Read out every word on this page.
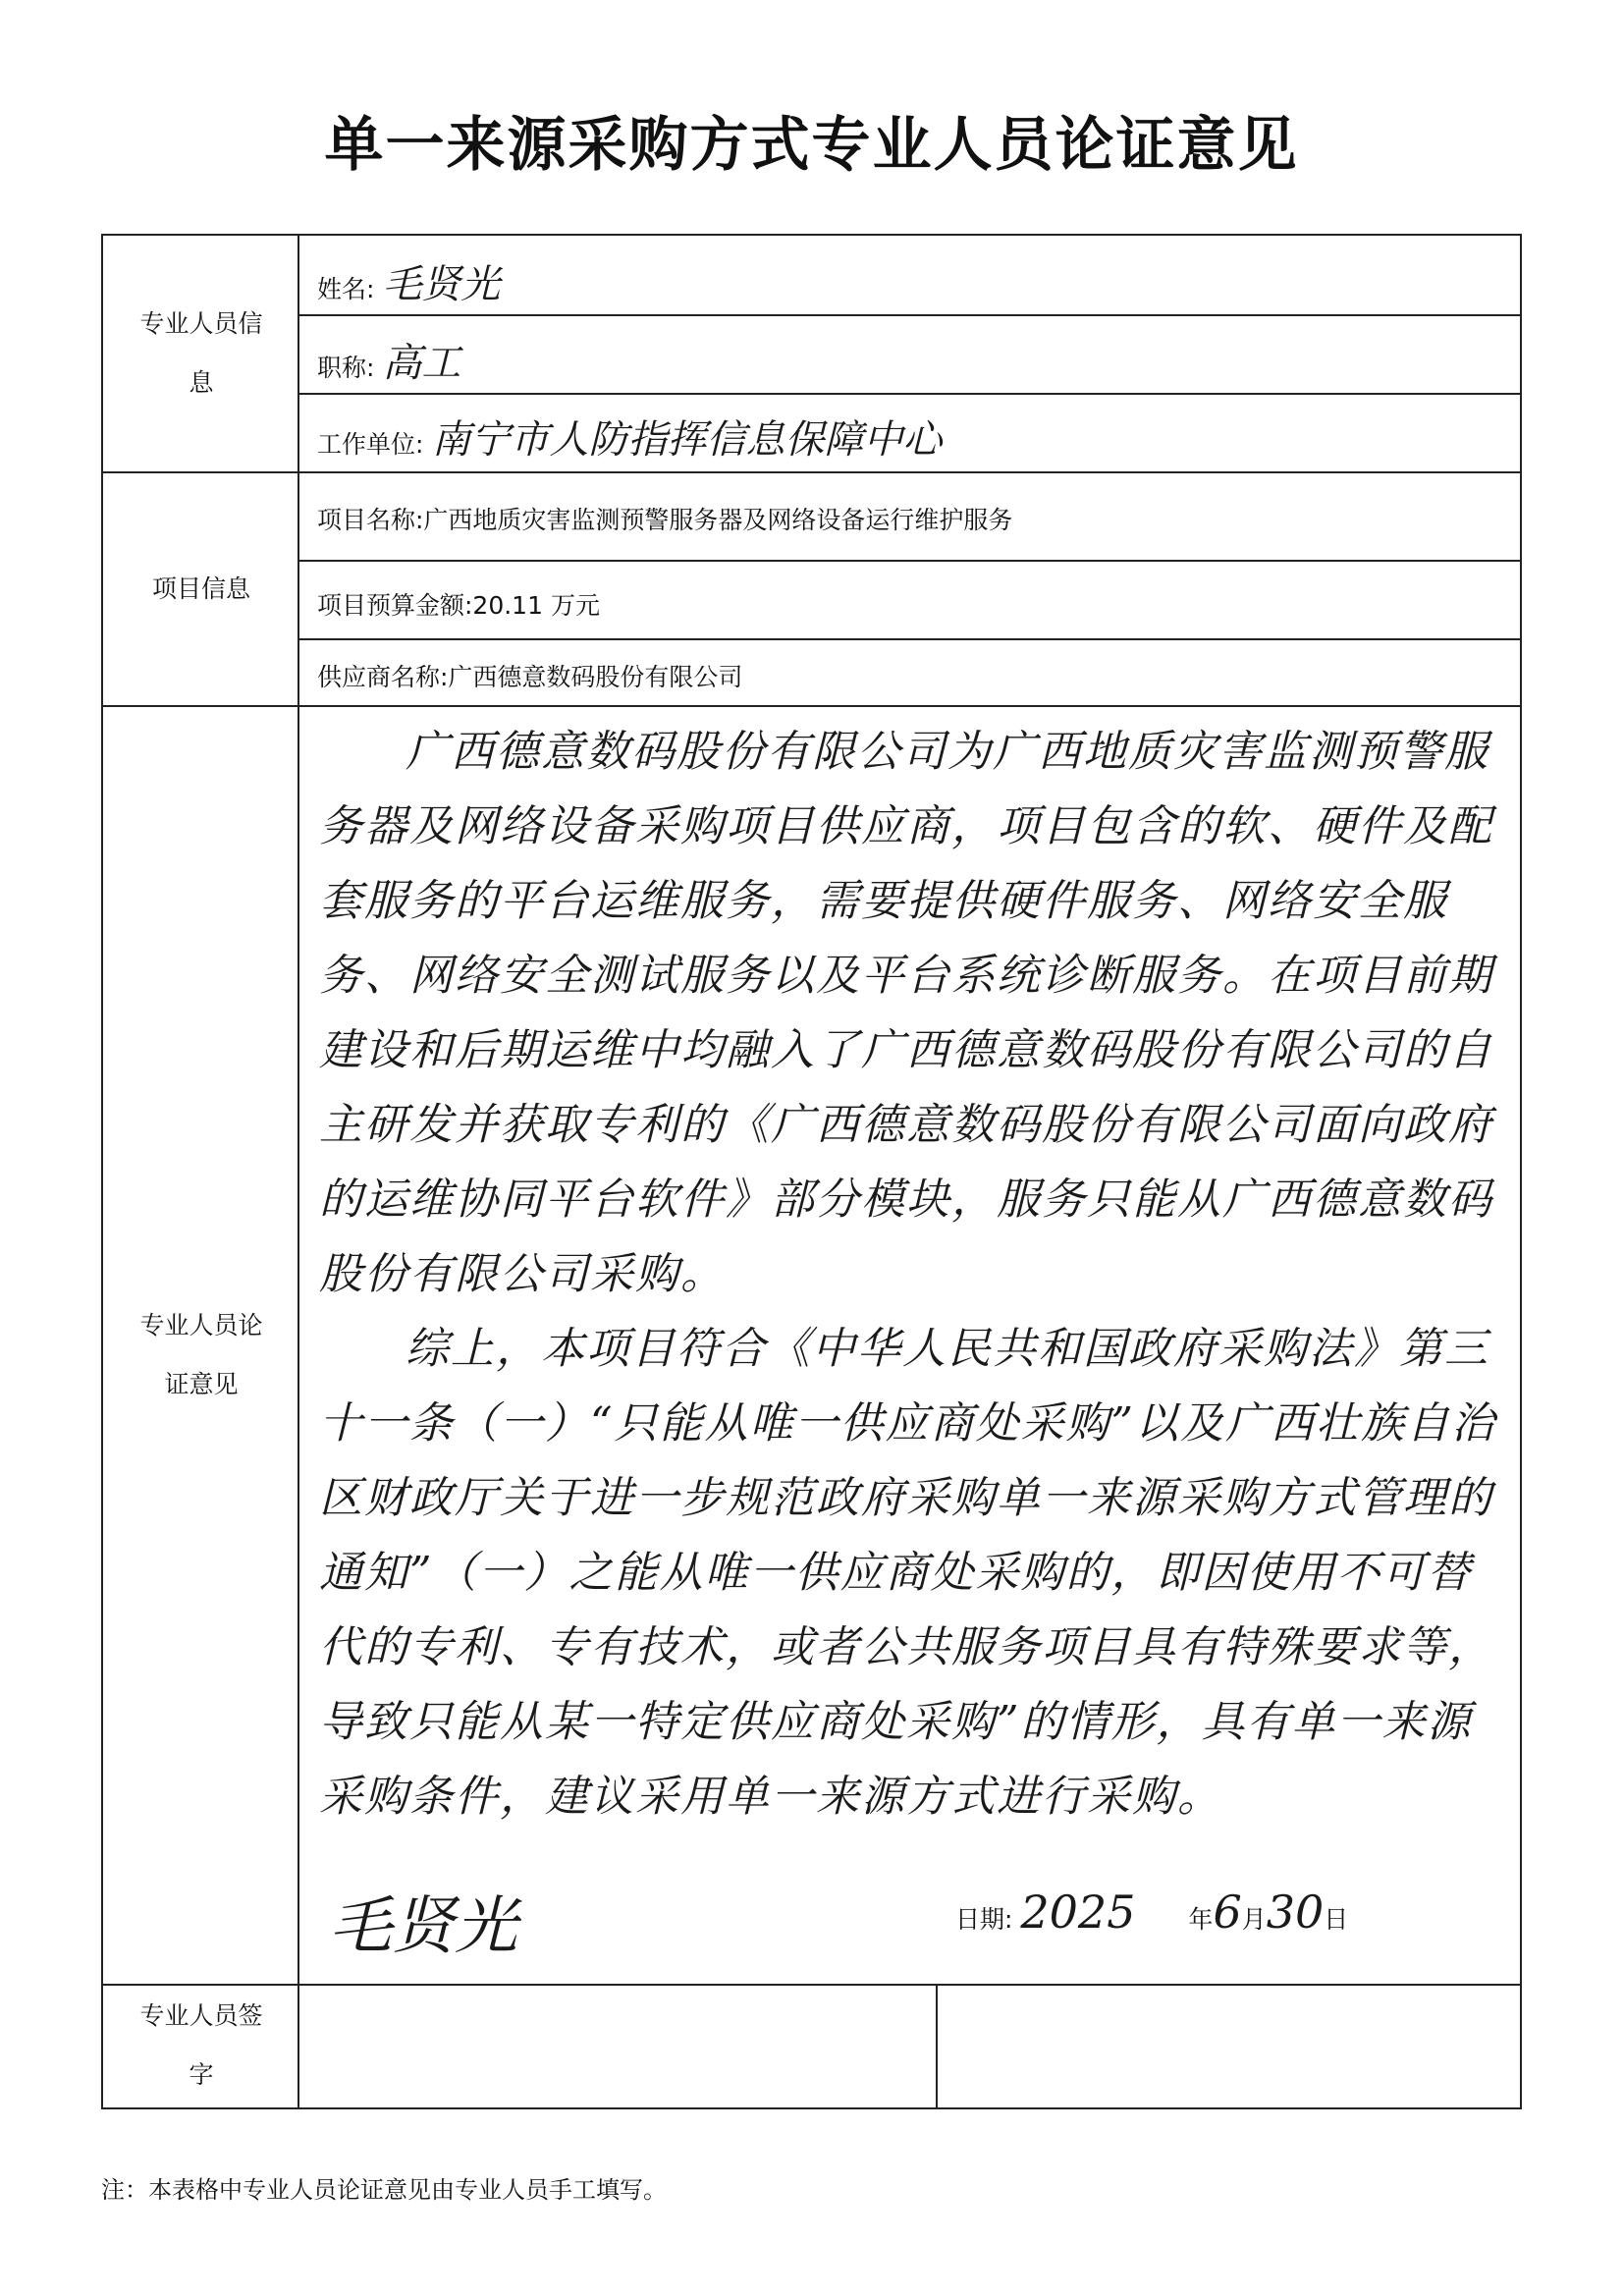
单一来源采购方式专业人员论证意见
专业人员信
息
姓名: 毛贤光
职称: 高工
工作单位: 南宁市人防指挥信息保障中心
项目信息
项目名称:广西地质灾害监测预警服务器及网络设备运行维护服务
项目预算金额:20.11 万元
供应商名称:广西德意数码股份有限公司
专业人员论
证意见

广西德意数码股份有限公司为广西地质灾害监测预警服务器及网络设备采购项目供应商，项目包含的软、硬件及配套服务的平台运维服务，需要提供硬件服务、网络安全服务、网络安全测试服务以及平台系统诊断服务。在项目前期建设和后期运维中均融入了广西德意数码股份有限公司的自主研发并获取专利的《广西德意数码股份有限公司面向政府的运维协同平台软件》部分模块，服务只能从广西德意数码股份有限公司采购。

综上，本项目符合《中华人民共和国政府采购法》第三十一条（一）“只能从唯一供应商处采购”以及广西壮族自治区财政厅关于进一步规范政府采购单一来源采购方式管理的通知”（一）之能从唯一供应商处采购的，即因使用不可替代的专利、专有技术，或者公共服务项目具有特殊要求等，导致只能从某一特定供应商处采购”的情形，具有单一来源采购条件，建议采用单一来源方式进行采购。

专业人员签
字
毛贤光	日期: 2025 年6月30日
注：本表格中专业人员论证意见由专业人员手工填写。
